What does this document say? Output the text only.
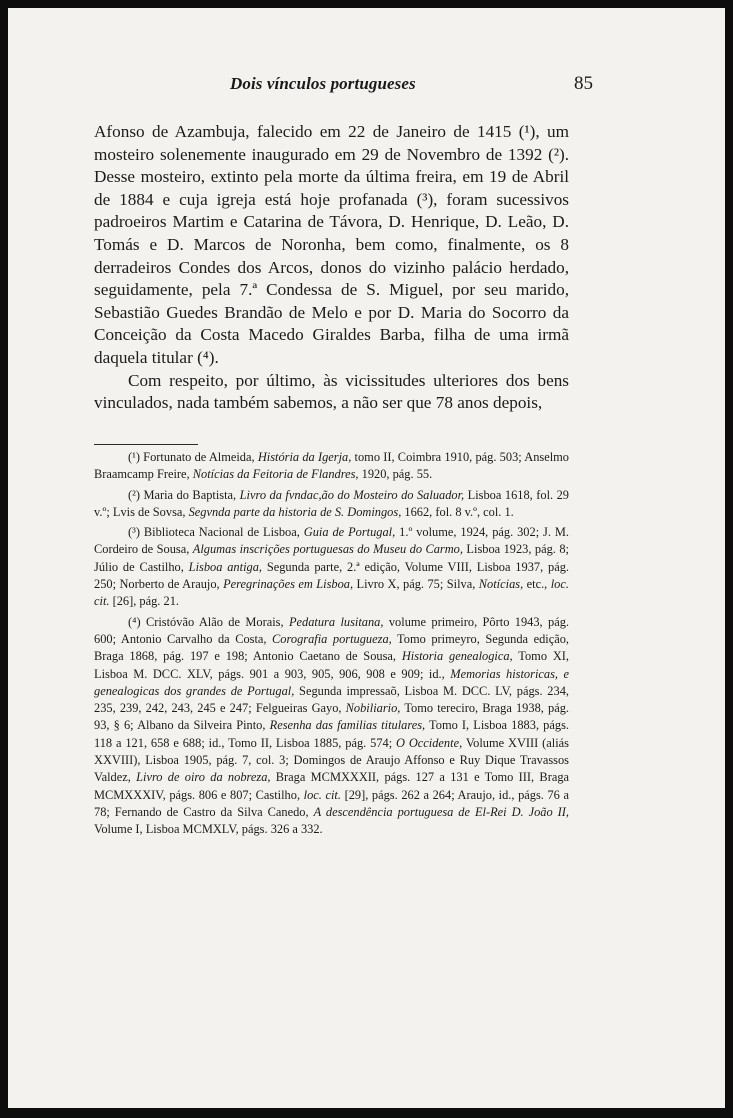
Dois vínculos portugueses	85

Afonso de Azambuja, falecido em 22 de Janeiro de 1415 (¹), um mosteiro solenemente inaugurado em 29 de Novembro de 1392 (²). Desse mosteiro, extinto pela morte da última freira, em 19 de Abril de 1884 e cuja igreja está hoje profanada (³), foram sucessivos padroeiros Martim e Catarina de Távora, D. Henrique, D. Leão, D. Tomás e D. Marcos de Noronha, bem como, finalmente, os 8 derradeiros Condes dos Arcos, donos do vizinho palácio herdado, seguidamente, pela 7.ª Condessa de S. Miguel, por seu marido, Sebastião Guedes Brandão de Melo e por D. Maria do Socorro da Conceição da Costa Macedo Giraldes Barba, filha de uma irmã daquela titular (⁴).

Com respeito, por último, às vicissitudes ulteriores dos bens vinculados, nada também sabemos, a não ser que 78 anos depois,

(¹) Fortunato de Almeida, História da Igerja, tomo II, Coimbra 1910, pág. 503; Anselmo Braamcamp Freire, Notícias da Feitoria de Flandres, 1920, pág. 55.

(²) Maria do Baptista, Livro da fvndac,ão do Mosteiro do Saluador, Lisboa 1618, fol. 29 v.º; Lvis de Sovsa, Segvnda parte da historia de S. Domingos, 1662, fol. 8 v.º, col. 1.

(³) Biblioteca Nacional de Lisboa, Guia de Portugal, 1.º volume, 1924, pág. 302; J. M. Cordeiro de Sousa, Algumas inscrições portuguesas do Museu do Carmo, Lisboa 1923, pág. 8; Júlio de Castilho, Lisboa antiga, Segunda parte, 2.ª edição, Volume VIII, Lisboa 1937, pág. 250; Norberto de Araujo, Peregrinações em Lisboa, Livro X, pág. 75; Silva, Notícias, etc., loc. cit. [26], pág. 21.

(⁴) Cristóvão Alão de Morais, Pedatura lusitana, volume primeiro, Pôrto 1943, pág. 600; Antonio Carvalho da Costa, Corografia portugueza, Tomo primeyro, Segunda edição, Braga 1868, pág. 197 e 198; Antonio Caetano de Sousa, Historia genealogica, Tomo XI, Lisboa M. DCC. XLV, págs. 901 a 903, 905, 906, 908 e 909; id., Memorias historicas, e genealogicas dos grandes de Portugal, Segunda impressaõ, Lisboa M. DCC. LV, págs. 234, 235, 239, 242, 243, 245 e 247; Felgueiras Gayo, Nobiliario, Tomo tereciro, Braga 1938, pág. 93, § 6; Albano da Silveira Pinto, Resenha das familias titulares, Tomo I, Lisboa 1883, págs. 118 a 121, 658 e 688; id., Tomo II, Lisboa 1885, pág. 574; O Occidente, Volume XVIII (aliás XXVIII), Lisboa 1905, pág. 7, col. 3; Domingos de Araujo Affonso e Ruy Dique Travassos Valdez, Livro de oiro da nobreza, Braga MCMXXXII, págs. 127 a 131 e Tomo III, Braga MCMXXXIV, págs. 806 e 807; Castilho, loc. cit. [29], págs. 262 a 264; Araujo, id., págs. 76 a 78; Fernando de Castro da Silva Canedo, A descendência portuguesa de El-Rei D. João II, Volume I, Lisboa MCMXLV, págs. 326 a 332.
